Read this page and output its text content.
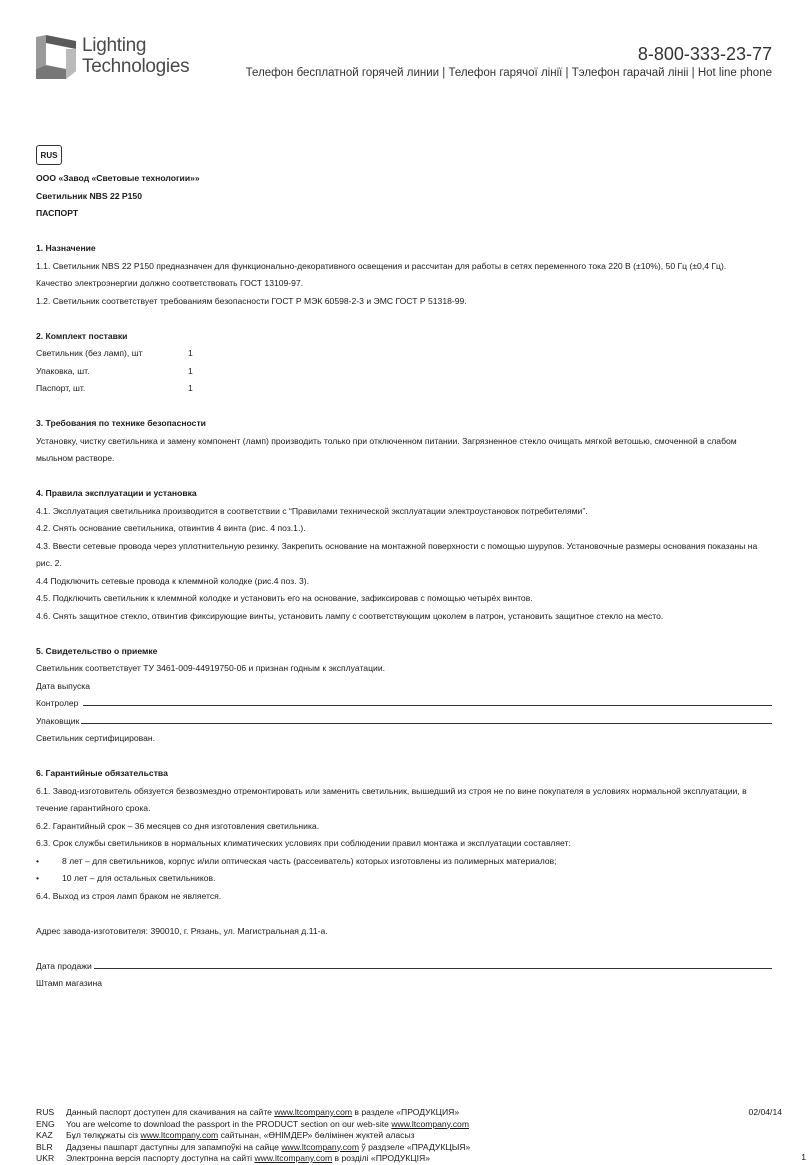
Lighting
Technologies
8-800-333-23-77
Телефон бесплатной горячей линии | Телефон гарячої лінії | Тэлефон гарачай лініі | Hot line phone
RUS
ООО «Завод «Световые технологии»»
Светильник NBS 22 P150
ПАСПОРТ
1. Назначение
1.1. Светильник NBS 22 P150 предназначен для функционально-декоративного освещения и рассчитан для работы в сетях переменного тока 220 В (±10%), 50 Гц (±0,4 Гц).
Качество электроэнергии должно соответствовать ГОСТ 13109-97.
1.2. Светильник соответствует требованиям безопасности ГОСТ Р МЭК 60598-2-3 и ЭМС ГОСТ Р 51318-99.
2. Комплект поставки
Светильник (без ламп), шт	1
Упаковка, шт.	1
Паспорт, шт.	1
3. Требования по технике безопасности
Установку, чистку светильника и замену компонент (ламп) производить только при отключенном питании. Загрязненное стекло очищать мягкой ветошью, смоченной в слабом
мыльном растворе.
4. Правила эксплуатации и установка
4.1. Эксплуатация светильника производится в соответствии с “Правилами технической эксплуатации электроустановок потребителями”.
4.2. Снять основание светильника, отвинтив 4 винта (рис. 4 поз.1.).
4.3. Ввести сетевые провода через уплотнительную резинку. Закрепить основание на монтажной поверхности с помощью шурупов. Установочные размеры основания показаны на
рис. 2.
4.4 Подключить сетевые провода к клеммной колодке (рис.4 поз. 3).
4.5. Подключить светильник к клеммной колодке и установить его на основание, зафиксировав с помощью четырёх винтов.
4.6. Снять защитное стекло, отвинтив фиксирующие винты, установить лампу с соответствующим цоколем в патрон, установить защитное стекло на место.
5. Свидетельство о приемке
Светильник соответствует ТУ 3461-009-44919750-06 и признан годным к эксплуатации.
Дата выпуска
Контролер
Упаковщик
Светильник сертифицирован.
6. Гарантийные обязательства
6.1. Завод-изготовитель обязуется безвозмездно отремонтировать или заменить светильник, вышедший из строя не по вине покупателя в условиях нормальной эксплуатации, в
течение гарантийного срока.
6.2. Гарантийный срок – 36 месяцев со дня изготовления светильника.
6.3. Срок службы светильников в нормальных климатических условиях при соблюдении правил монтажа и эксплуатации составляет:
•	8 лет – для светильников, корпус и/или оптическая часть (рассеиватель) которых изготовлены из полимерных материалов;
•	10 лет – для остальных светильников.
6.4. Выход из строя ламп браком не является.
Адрес завода-изготовителя: 390010, г. Рязань, ул. Магистральная д.11-а.
Дата продажи
Штамп магазина
RUS Данный паспорт доступен для скачивания на сайте www.ltcompany.com в разделе «ПРОДУКЦИЯ»
ENG You are welcome to download the passport in the PRODUCT section on our web-site www.ltcompany.com
KAZ Бұл төлқұжаты сіз www.ltcompany.com сайтынан, «ӨНІМДЕР» бөлімінен жүктей аласыз
BLR Дадзены пашпарт даступны для запампоўкі на сайце www.ltcompany.com ў раздзеле «ПРАДУКЦЫЯ»
UKR Электронна версія паспорту доступна на сайті www.ltcompany.com в розділі «ПРОДУКЦІЯ»
02/04/14
1
